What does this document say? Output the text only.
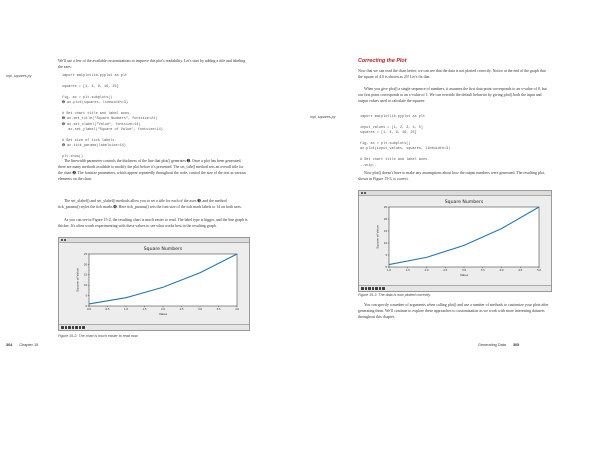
We'll use a few of the available customizations to improve this plot's readability. Let's start by adding a title and labeling the axes:

mpl_squares.py	import matplotlib.pyplot as plt

squares = [1, 4, 9, 16, 25]

fig, ax = plt.subplots()
➊ ax.plot(squares, linewidth=3)

# Set chart title and label axes.
➋ ax.set_title("Square Numbers", fontsize=24)
➌ ax.set_xlabel("Value", fontsize=14)
ax.set_ylabel("Square of Value", fontsize=14)

# Set size of tick labels.
➍ ax.tick_params(labelsize=14)

plt.show()

The linewidth parameter controls the thickness of the line that plot() generates ➊. Once a plot has been generated, there are many methods available to modify the plot before it's presented. The set_title() method sets an overall title for the chart ➋. The fontsize parameters, which appear repeatedly throughout the code, control the size of the text in various elements on the chart.

The set_xlabel() and set_ylabel() methods allow you to set a title for each of the axes ➌, and the method tick_params() styles the tick marks ➍. Here tick_params() sets the font size of the tick mark labels to 14 on both axes.

As you can see in Figure 15-2, the resulting chart is much easier to read. The label type is bigger, and the line graph is thicker. It's often worth experimenting with these values to see what works best in the resulting graph.

Square Numbers
Value
Square of Value
0.0	0.5	1.0	1.5	2.0	2.5	3.0	3.5	4.0
0
5
10
15
20
25
Figure 15-2: The chart is much easier to read now.
304 Chapter 15
Correcting the Plot

Now that we can read the chart better, we can see that the data is not plotted correctly. Notice at the end of the graph that the square of 4.0 is shown as 25! Let's fix that.

When you give plot() a single sequence of numbers, it assumes the first data point corresponds to an x-value of 0, but our first point corresponds to an x-value of 1. We can override the default behavior by giving plot() both the input and output values used to calculate the squares:

mpl_squares.py	import matplotlib.pyplot as plt

input_values = [1, 2, 3, 4, 5]
squares = [1, 4, 9, 16, 25]

fig, ax = plt.subplots()
ax.plot(input_values, squares, linewidth=3)

# Set chart title and label axes.
--snip--

Now plot() doesn't have to make any assumptions about how the output numbers were generated. The resulting plot, shown in Figure 15-3, is correct.

Square Numbers
Value
Square of Value
1.0	1.5	2.0	2.5	3.0	3.5	4.0	4.5	5.0
0
5
10
15
20
25
Figure 15-3: The data is now plotted correctly.

You can specify a number of arguments when calling plot() and use a number of methods to customize your plots after generating them. We'll continue to explore these approaches to customization as we work with more interesting datasets throughout this chapter.

Generating Data 305
